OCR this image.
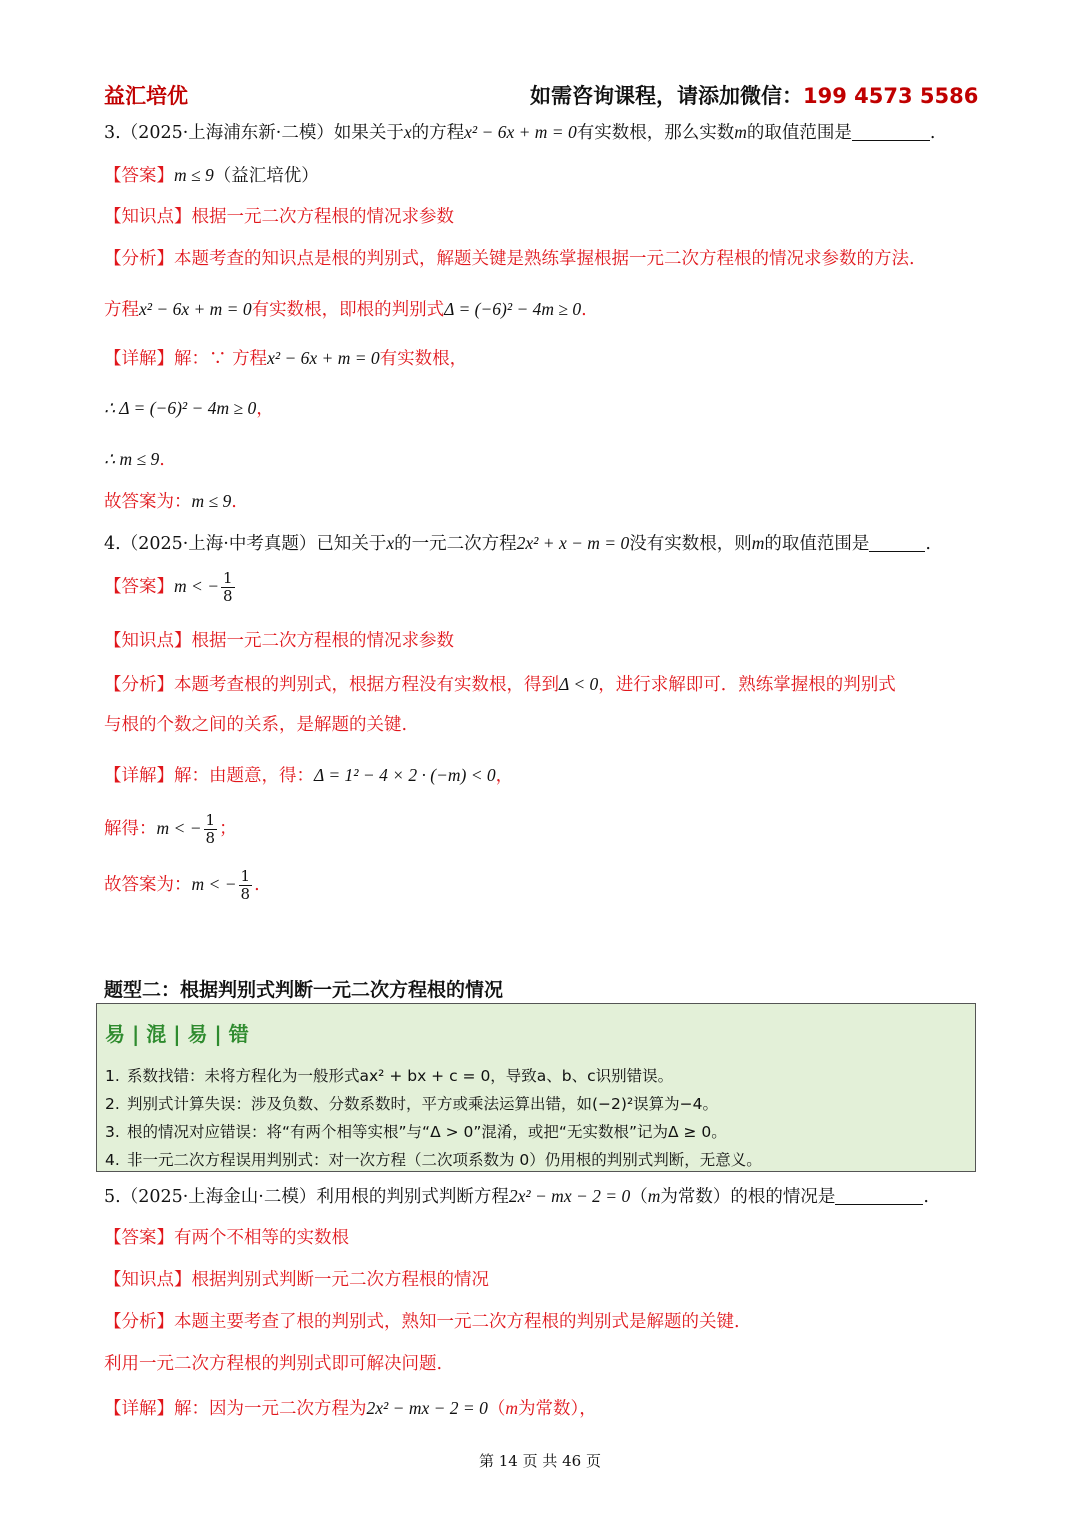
益汇培优	如需咨询课程，请添加微信：199 4573 5586
3.（2025·上海浦东新·二模）如果关于x的方程x² − 6x + m = 0有实数根，那么实数m的取值范围是	.
【答案】m ≤ 9（益汇培优）
【知识点】根据一元二次方程根的情况求参数
【分析】本题考查的知识点是根的判别式，解题关键是熟练掌握根据一元二次方程根的情况求参数的方法.
方程x² − 6x + m = 0有实数根，即根的判别式Δ = (−6)² − 4m ≥ 0.
【详解】解：∵ 方程x² − 6x + m = 0有实数根，
∴ Δ = (−6)² − 4m ≥ 0，
∴ m ≤ 9.
故答案为：m ≤ 9.
4.（2025·上海·中考真题）已知关于x的一元二次方程2x² + x − m = 0没有实数根，则m的取值范围是	.
【答案】m < − $\frac{1}{8}$
【知识点】根据一元二次方程根的情况求参数
【分析】本题考查根的判别式，根据方程没有实数根，得到Δ < 0，进行求解即可．熟练掌握根的判别式
与根的个数之间的关系，是解题的关键.
【详解】解：由题意，得：Δ = 1² − 4 × 2 · (−m) < 0，
解得：m < − $\frac{1}{8}$ ；
故答案为：m < − $\frac{1}{8}$ .
题型二：根据判别式判断一元二次方程根的情况
易 | 混 | 易 | 错
1. 系数找错：未将方程化为一般形式ax² + bx + c = 0，导致a、b、c识别错误。
2. 判别式计算失误：涉及负数、分数系数时，平方或乘法运算出错，如(−2)²误算为−4。
3. 根的情况对应错误：将“有两个相等实根”与“Δ > 0”混淆，或把“无实数根”记为Δ ≥ 0。
4. 非一元二次方程误用判别式：对一次方程（二次项系数为 0）仍用根的判别式判断，无意义。
5.（2025·上海金山·二模）利用根的判别式判断方程2x² − mx − 2 = 0（m为常数）的根的情况是	.
【答案】有两个不相等的实数根
【知识点】根据判别式判断一元二次方程根的情况
【分析】本题主要考查了根的判别式，熟知一元二次方程根的判别式是解题的关键.
利用一元二次方程根的判别式即可解决问题.
【详解】解：因为一元二次方程为2x² − mx − 2 = 0（m为常数），
第 14 页 共 46 页
